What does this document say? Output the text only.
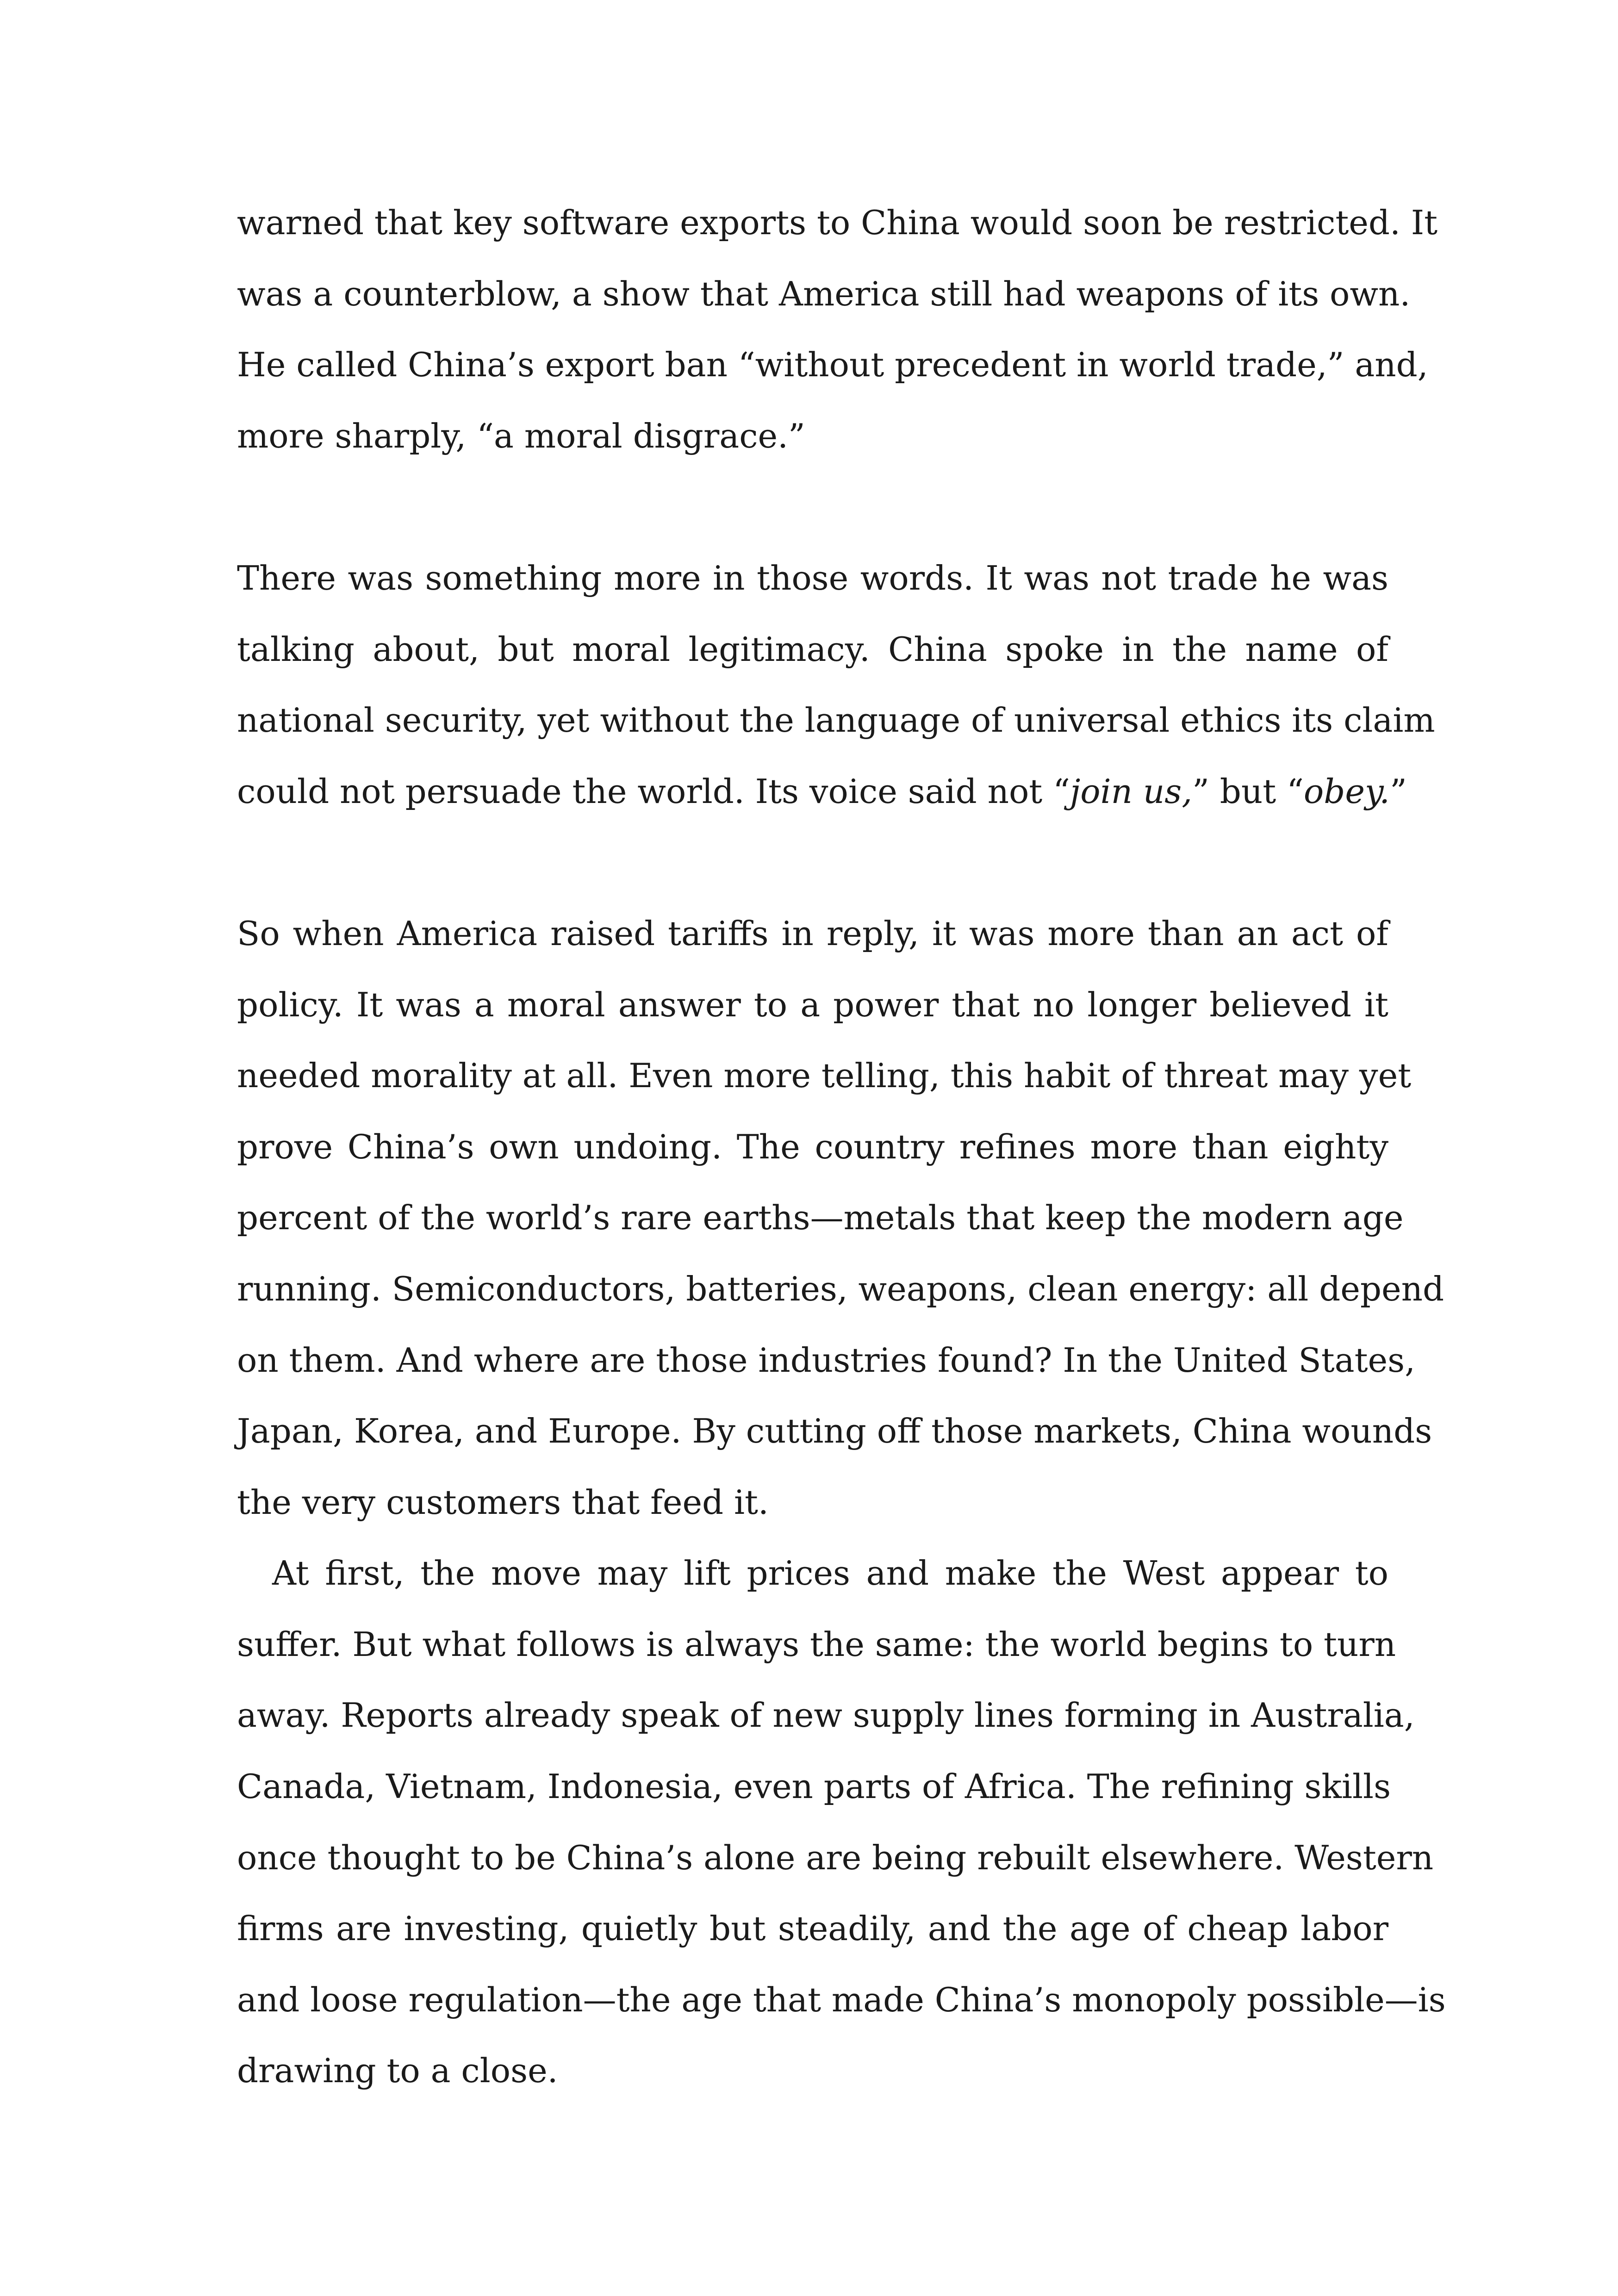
warned that key software exports to China would soon be restricted. It
was a counterblow, a show that America still had weapons of its own.
He called China’s export ban “without precedent in world trade,” and,
more sharply, “a moral disgrace.”
There was something more in those words. It was not trade he was
talking about, but moral legitimacy. China spoke in the name of
national security, yet without the language of universal ethics its claim
could not persuade the world. Its voice said not “join us,” but “obey.”
So when America raised tariffs in reply, it was more than an act of
policy. It was a moral answer to a power that no longer believed it
needed morality at all. Even more telling, this habit of threat may yet
prove China’s own undoing. The country refines more than eighty
percent of the world’s rare earths—metals that keep the modern age
running. Semiconductors, batteries, weapons, clean energy: all depend
on them. And where are those industries found? In the United States,
Japan, Korea, and Europe. By cutting off those markets, China wounds
the very customers that feed it.
At first, the move may lift prices and make the West appear to
suffer. But what follows is always the same: the world begins to turn
away. Reports already speak of new supply lines forming in Australia,
Canada, Vietnam, Indonesia, even parts of Africa. The refining skills
once thought to be China’s alone are being rebuilt elsewhere. Western
firms are investing, quietly but steadily, and the age of cheap labor
and loose regulation—the age that made China’s monopoly possible—is
drawing to a close.
